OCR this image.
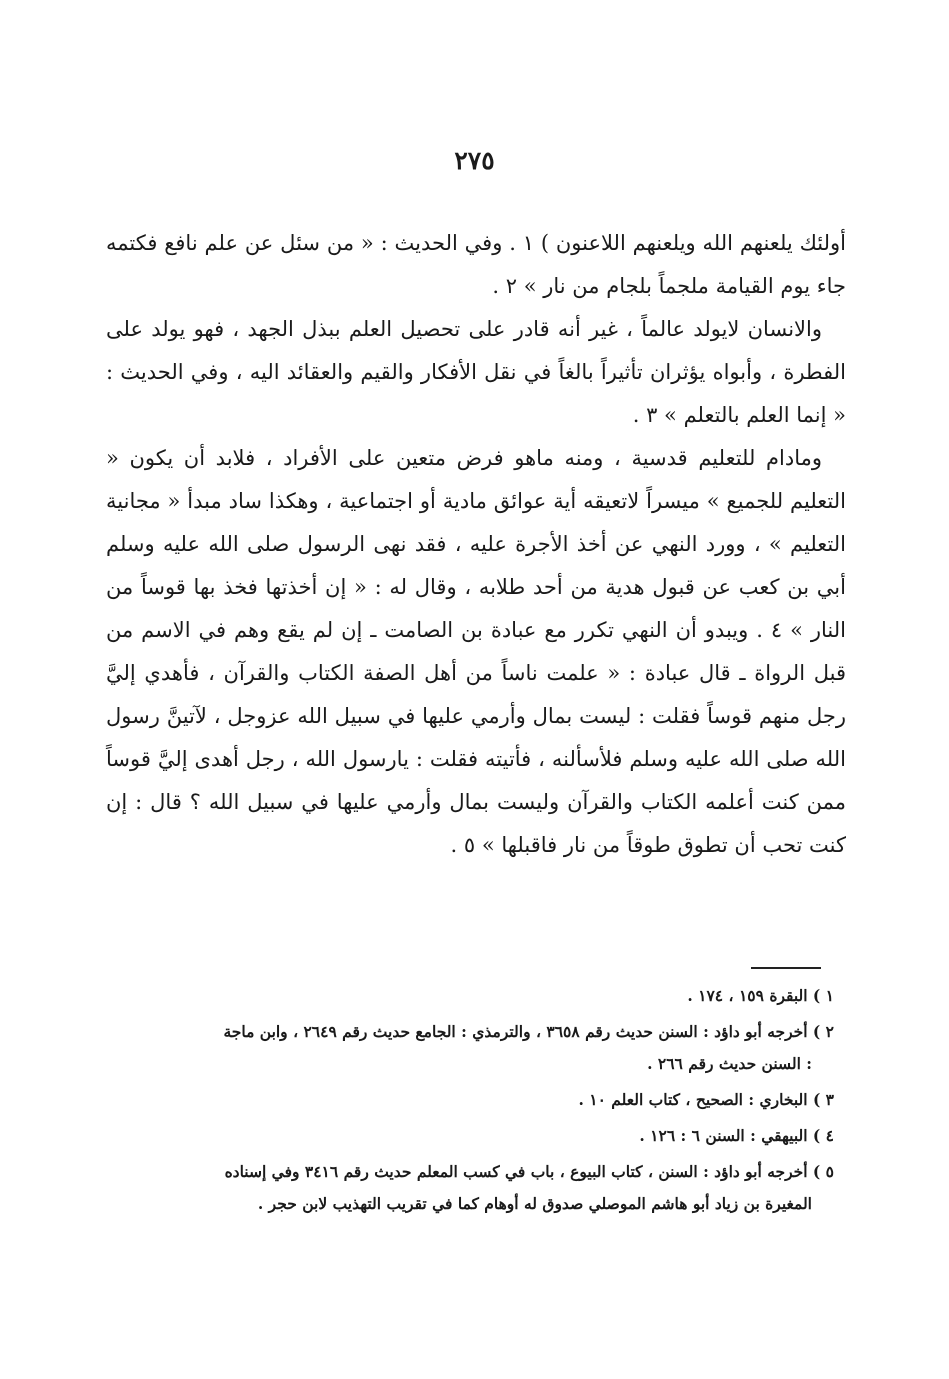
٢٧٥

أولئك يلعنهم الله ويلعنهم اللاعنون ) ١ . وفي الحديث : « من سئل عن علم نافع فكتمه جاء يوم القيامة ملجماً بلجام من نار » ٢ .

والانسان لايولد عالماً ، غير أنه قادر على تحصيل العلم ببذل الجهد ، فهو يولد على الفطرة ، وأبواه يؤثران تأثيراً بالغاً في نقل الأفكار والقيم والعقائد اليه ، وفي الحديث : « إنما العلم بالتعلم » ٣ .

ومادام للتعليم قدسية ، ومنه ماهو فرض متعين على الأفراد ، فلابد أن يكون « التعليم للجميع » ميسراً لاتعيقه أية عوائق مادية أو اجتماعية ، وهكذا ساد مبدأ « مجانية التعليم » ، وورد النهي عن أخذ الأجرة عليه ، فقد نهى الرسول صلى الله عليه وسلم أبي بن كعب عن قبول هدية من أحد طلابه ، وقال له : « إن أخذتها فخذ بها قوساً من النار » ٤ . ويبدو أن النهي تكرر مع عبادة بن الصامت ـ إن لم يقع وهم في الاسم من قبل الرواة ـ قال عبادة : « علمت ناساً من أهل الصفة الكتاب والقرآن ، فأهدي إليَّ رجل منهم قوساً فقلت : ليست بمال وأرمي عليها في سبيل الله عزوجل ، لآتينَّ رسول الله صلى الله عليه وسلم فلأسألنه ، فأتيته فقلت : يارسول الله ، رجل أهدى إليَّ قوساً ممن كنت أعلمه الكتاب والقرآن وليست بمال وأرمي عليها في سبيل الله ؟ قال : إن كنت تحب أن تطوق طوقاً من نار فاقبلها » ٥ .

١ ) البقرة ١٥٩ ، ١٧٤ .
٢ ) أخرجه أبو داؤد : السنن حديث رقم ٣٦٥٨ ، والترمذي : الجامع حديث رقم ٢٦٤٩ ، وابن ماجة
: السنن حديث رقم ٢٦٦ .
٣ ) البخاري : الصحيح ، كتاب العلم ١٠ .
٤ ) البيهقي : السنن ٦ : ١٢٦ .
٥ ) أخرجه أبو داؤد : السنن ، كتاب البيوع ، باب في كسب المعلم حديث رقم ٣٤١٦ وفي إسناده
المغيرة بن زياد أبو هاشم الموصلي صدوق له أوهام كما في تقريب التهذيب لابن حجر .
